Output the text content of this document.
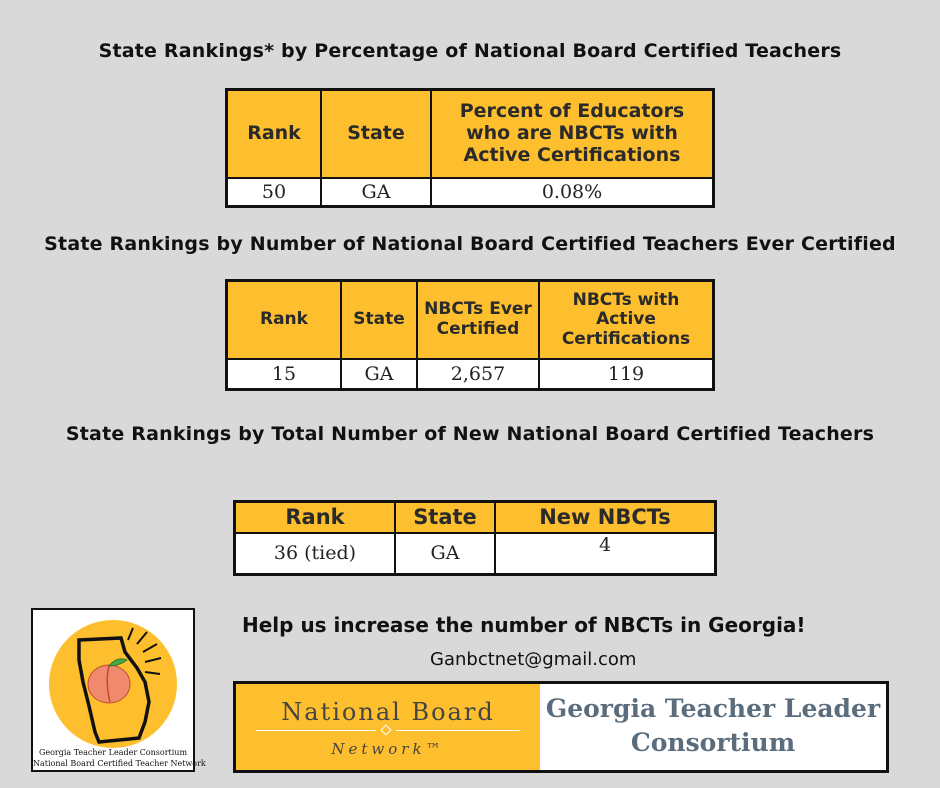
State Rankings* by Percentage of National Board Certified Teachers
Rank	State	Percent of Educators who are NBCTs with Active Certifications
50	GA	0.08%
State Rankings by Number of National Board Certified Teachers Ever Certified
Rank	State	NBCTs Ever Certified	NBCTs with Active Certifications
15	GA	2,657	119
State Rankings by Total Number of New National Board Certified Teachers
Rank	State	New NBCTs
36 (tied)	GA	4
Georgia Teacher Leader Consortium
National Board Certified Teacher Network
Help us increase the number of NBCTs in Georgia!
Ganbctnet@gmail.com
National Board
Network™
Georgia Teacher Leader Consortium
